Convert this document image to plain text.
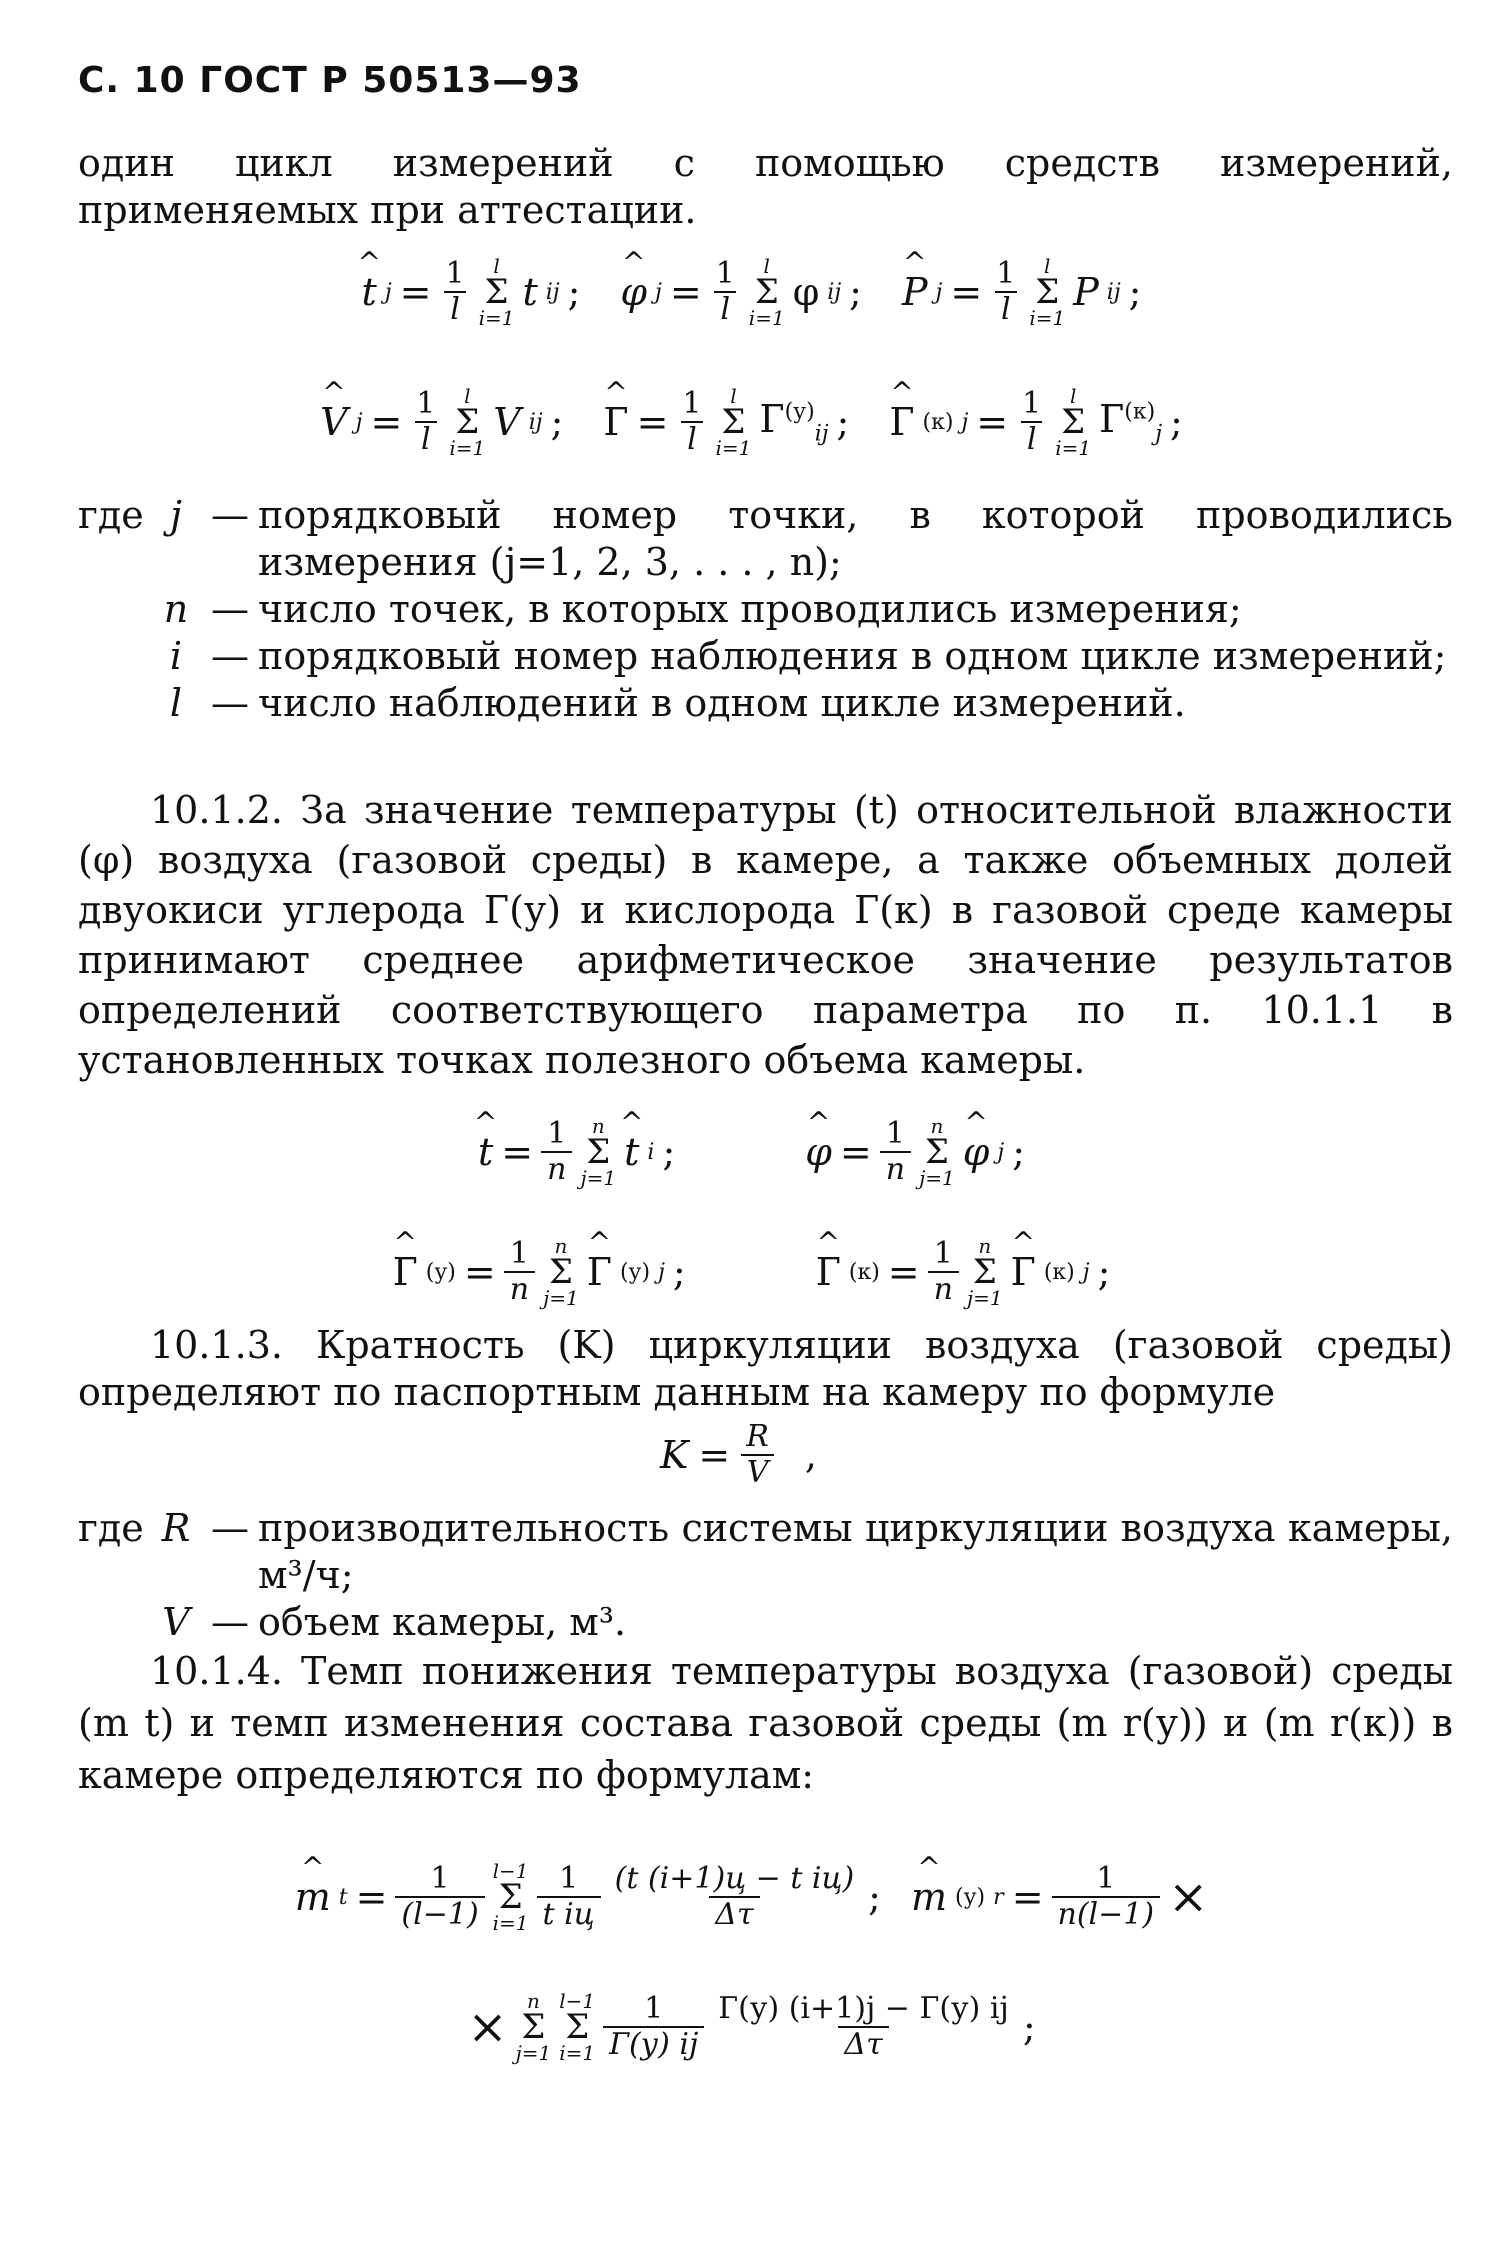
С. 10 ГОСТ Р 50513—93
один цикл измерений с помощью средств измерений, применяемых при аттестации.
^ t $j = \frac{1}{l}$ l
Σ
i=1
t ij ; ^ φ $j = \frac{1}{l}$ l
Σ
i=1
φ ij ; ^ P $j = \frac{1}{l}$ l
Σ
i=1
P ij ;
^ V $j = \frac{1}{l}$ l
Σ
i=1
V ij ; ^ $Г = \frac{1}{l}$ l
Σ
i=1
$Г^{(у)}_{ij}$ ; ^ Г (к) $j = \frac{1}{l}$ l
Σ
i=1
$Г^{(к)}_j$ ;
где j — порядковый номер точки, в которой проводились измерения (j=1, 2, 3, . . . , n);
n — число точек, в которых проводились измерения;
i — порядковый номер наблюдения в одном цикле измерений;
l — число наблюдений в одном цикле измерений.
10.1.2. За значение температуры (t) относительной влажности (φ) воздуха (газовой среды) в камере, а также объемных долей двуокиси углерода Г(у) и кислорода Г(к) в газовой среде камеры принимают среднее арифметическое значение результатов определений соответствующего параметра по п. 10.1.1 в установленных точках полезного объема камеры.
^ $t = \frac{1}{n}$ n
Σ
j=1
^ t i ;	^ $\varphi = \frac{1}{n}$ n
Σ
j=1
^ φ j ;
^ Г $(у) = \frac{1}{n}$ n
Σ
j=1
^ Г (у) j ;	^ Г $(к) = \frac{1}{n}$ n
Σ
j=1
^ Г (к) j ;
10.1.3. Кратность (K) циркуляции воздуха (газовой среды) определяют по паспортным данным на камеру по формуле
$K = \frac{R}{V}$ ,
где R — производительность системы циркуляции воздуха камеры, м³/ч;
V — объем камеры, м³.
10.1.4. Темп понижения температуры воздуха (газовой) среды (m t) и темп изменения состава газовой среды (m r(у)) и (m r(к)) в камере определяются по формулам:
^ m $t = \frac{1}{(l-1)} l-1$
Σ
$i=1 \frac{1}{\text{t iц}} \frac{\text{(t (i+1)ц − t iц)}}{\Delta\tau}$ ; ^ m (у) $r = \frac{1}{n(l-1)}$ ×
× n
Σ
j=1
l−1
Σ
$i=1 \frac{1}{Г(у) ij} \frac{Г(у) (i+1)j - Г(у) ij}{\Delta\tau}$ ;
